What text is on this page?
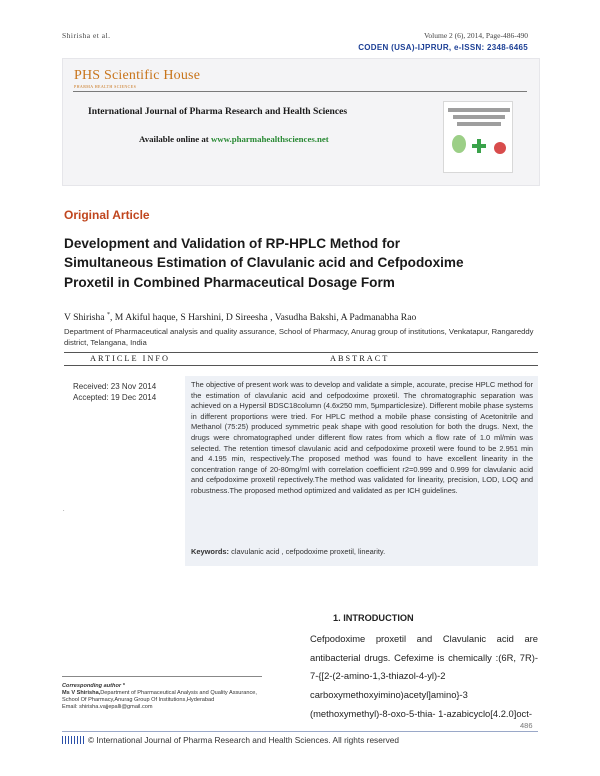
Shirisha et al.	Volume 2 (6), 2014, Page-486-490
CODEN (USA)-IJPRUR, e-ISSN: 2348-6465
PHS Scientific House
PHARMA HEALTH SCIENCES
International Journal of Pharma Research and Health Sciences
Available online at www.pharmahealthsciences.net
Original Article
Development and Validation of RP-HPLC Method for Simultaneous Estimation of Clavulanic acid and Cefpodoxime Proxetil in Combined Pharmaceutical Dosage Form
V Shirisha *, M Akiful haque, S Harshini, D Sireesha , Vasudha Bakshi, A Padmanabha Rao
Department of Pharmaceutical analysis and quality assurance, School of Pharmacy, Anurag group of institutions, Venkatapur, Rangareddy district, Telangana, India
ARTICLE INFO	ABSTRACT
Received: 23 Nov 2014
Accepted: 19 Dec 2014
The objective of present work was to develop and validate a simple, accurate, precise HPLC method for the estimation of clavulanic acid and cefpodoxime proxetil. The chromatographic separation was achieved on a Hypersil BDSC18column (4.6x250 mm, 5μmparticlesize). Different mobile phase systems in different proportions were tried. For HPLC method a mobile phase consisting of Acetonitrile and Methanol (75:25) produced symmetric peak shape with good resolution for both the drugs. Next, the drugs were chromatographed under different flow rates from which a flow rate of 1.0 ml/min was selected. The retention timesof clavulanic acid and cefpodoxime proxetil were found to be 2.951 min and 4.195 min, respectively.The proposed method was found to have excellent linearity in the concentration range of 20-80mg/ml with correlation coefficient r2=0.999 and 0.999 for clavulanic acid and cefpodoxime proxetil repectively.The method was validated for linearity, precision, LOD, LOQ and robustness.The proposed method optimized and validated as per ICH guidelines.
Keywords: clavulanic acid , cefpodoxime proxetil, linearity.
.
1. INTRODUCTION
Cefpodoxime proxetil and Clavulanic acid are
antibacterial drugs. Cefexime is chemically :(6R, 7R)-
7-{[2-(2-amino-1,3-thiazol-4-yl)-2
carboxymethoxyimino)acetyl]amino}-3
(methoxymethyl)-8-oxo-5-thia- 1-azabicyclo[4.2.0]oct-
Corresponding author *
Ms V Shirisha,Department of Pharmaceutical Analysis and Quality Assurance, School Of Pharmacy,Anurag Group Of Institutions,Hyderabad
Email: shirisha.vajjepalli@gmail.com
486
© International Journal of Pharma Research and Health Sciences. All rights reserved
